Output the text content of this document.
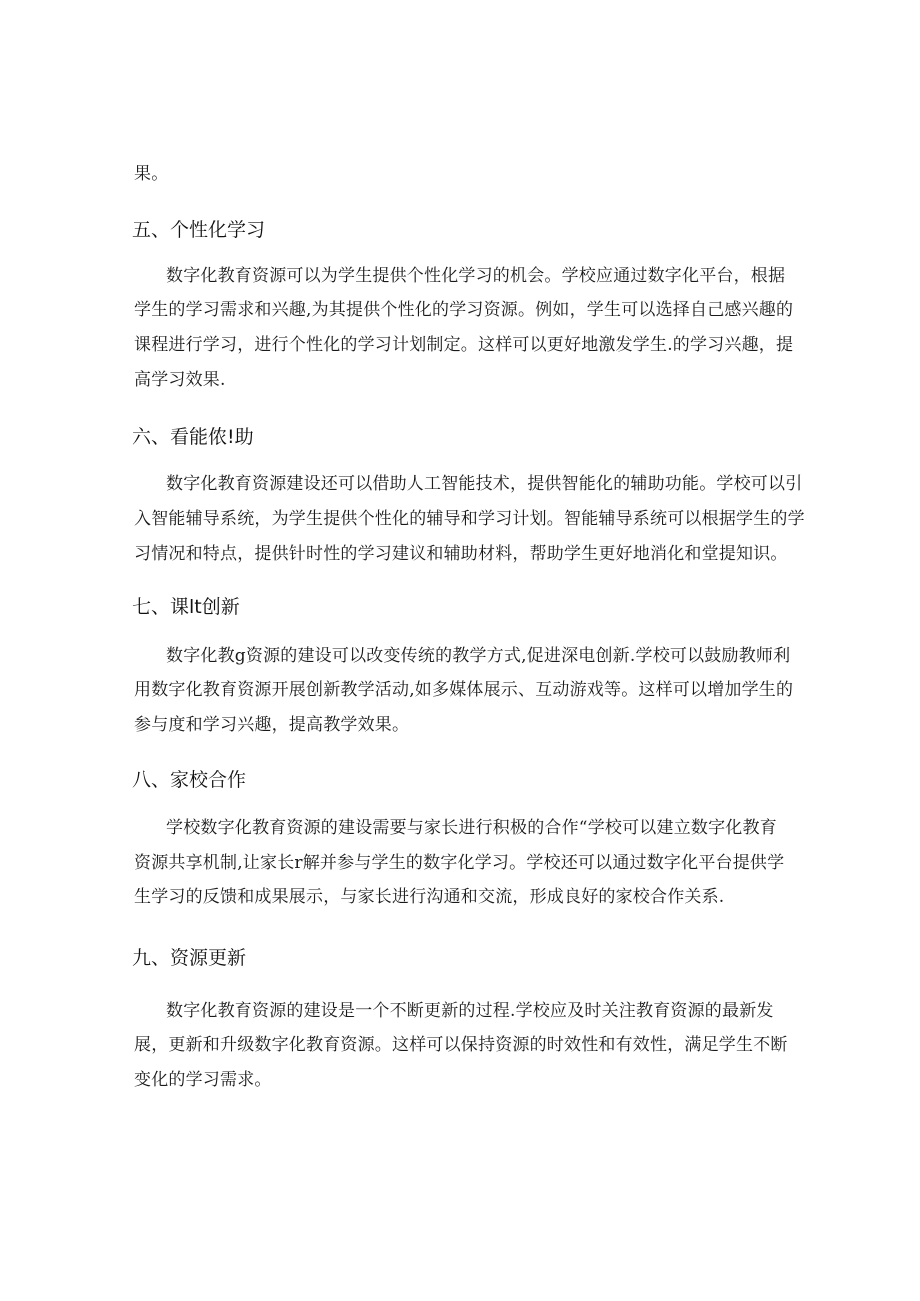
果。
五、个性化学习
数字化教育资源可以为学生提供个性化学习的机会。学校应通过数字化平台，根据
学生的学习需求和兴趣,为其提供个性化的学习资源。例如，学生可以选择自己感兴趣的
课程进行学习，进行个性化的学习计划制定。这样可以更好地激发学生.的学习兴趣，提
高学习效果.
六、看能侬!助
数字化教育资源建设还可以借助人工智能技术，提供智能化的辅助功能。学校可以引
入智能辅导系统，为学生提供个性化的辅导和学习计划。智能辅导系统可以根据学生的学
习情况和特点，提供针时性的学习建议和辅助材料，帮助学生更好地消化和堂提知识。
七、课lt创新
数字化教g资源的建设可以改变传统的教学方式,促进深电创新.学校可以鼓励教师利
用数字化教育资源开展创新教学活动,如多媒体展示、互动游戏等。这样可以增加学生的
参与度和学习兴趣，提高教学效果。
八、家校合作
学校数字化教育资源的建设需要与家长进行积极的合作“学校可以建立数字化教育
资源共享机制,让家长r解并参与学生的数字化学习。学校还可以通过数字化平台提供学
生学习的反馈和成果展示，与家长进行沟通和交流，形成良好的家校合作关系.
九、资源更新
数字化教育资源的建设是一个不断更新的过程.学校应及时关注教育资源的最新发
展，更新和升级数字化教育资源。这样可以保持资源的时效性和有效性，满足学生不断
变化的学习需求。
